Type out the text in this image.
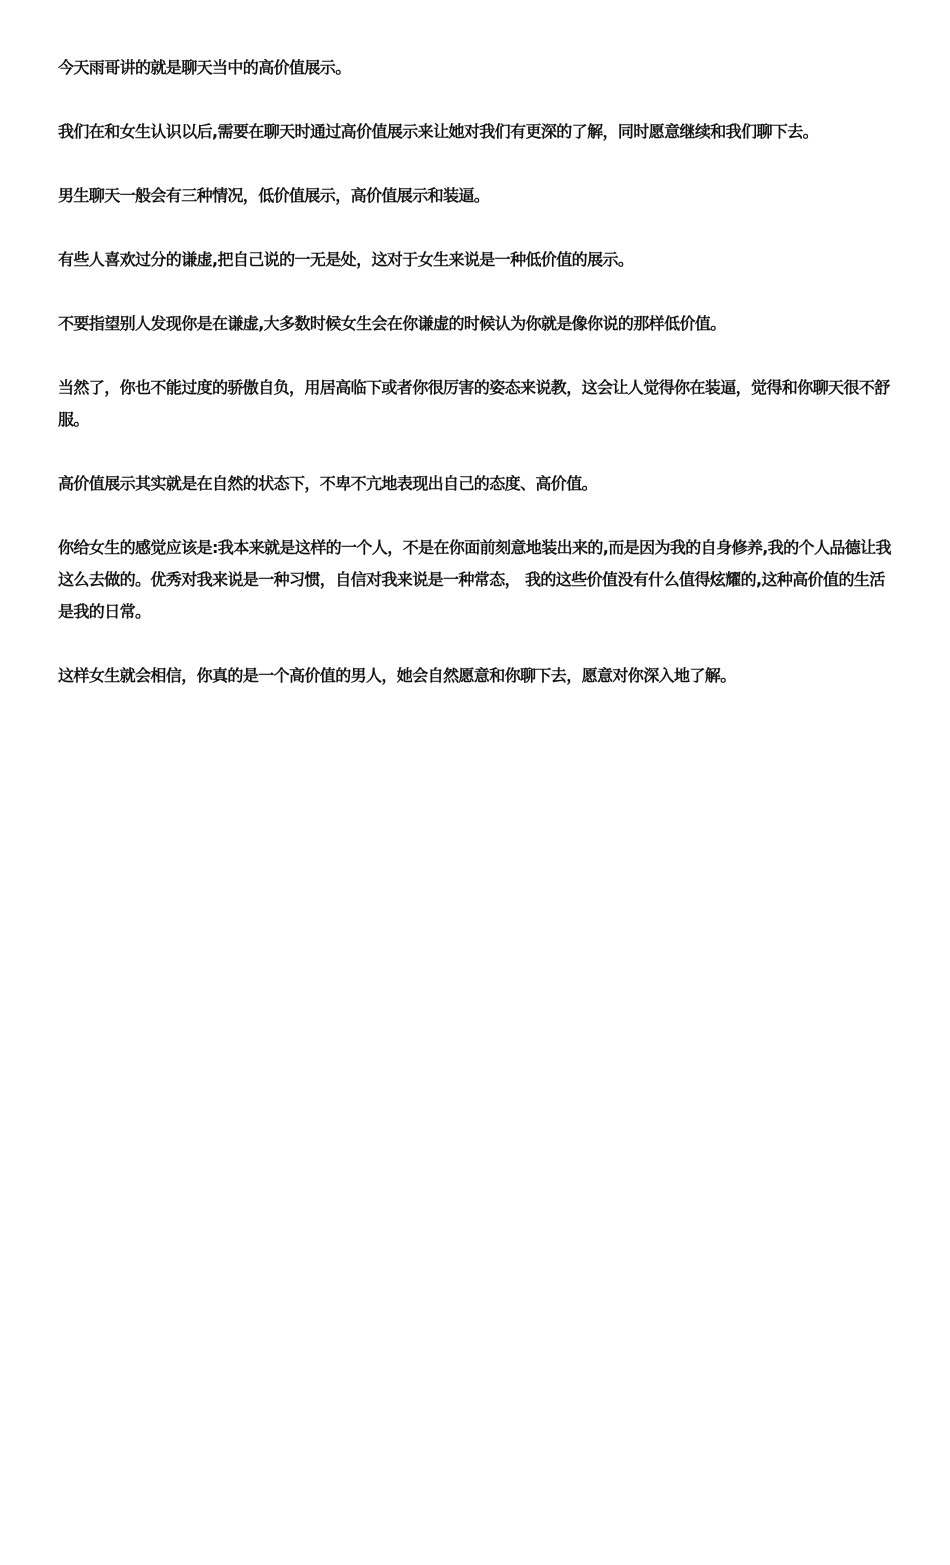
今天雨哥讲的就是聊天当中的高价值展示。

我们在和女生认识以后,需要在聊天时通过高价值展示来让她对我们有更深的了解，同时愿意继续和我们聊下去。

男生聊天一般会有三种情况，低价值展示，高价值展示和装逼。

有些人喜欢过分的谦虚,把自己说的一无是处，这对于女生来说是一种低价值的展示。

不要指望别人发现你是在谦虚,大多数时候女生会在你谦虚的时候认为你就是像你说的那样低价值。

当然了，你也不能过度的骄傲自负，用居高临下或者你很厉害的姿态来说教，这会让人觉得你在装逼，觉得和你聊天很不舒服。

高价值展示其实就是在自然的状态下，不卑不亢地表现出自己的态度、高价值。

你给女生的感觉应该是:我本来就是这样的一个人，不是在你面前刻意地装出来的,而是因为我的自身修养,我的个人品德让我这么去做的。优秀对我来说是一种习惯，自信对我来说是一种常态， 我的这些价值没有什么值得炫耀的,这种高价值的生活是我的日常。

这样女生就会相信，你真的是一个高价值的男人，她会自然愿意和你聊下去，愿意对你深入地了解。
